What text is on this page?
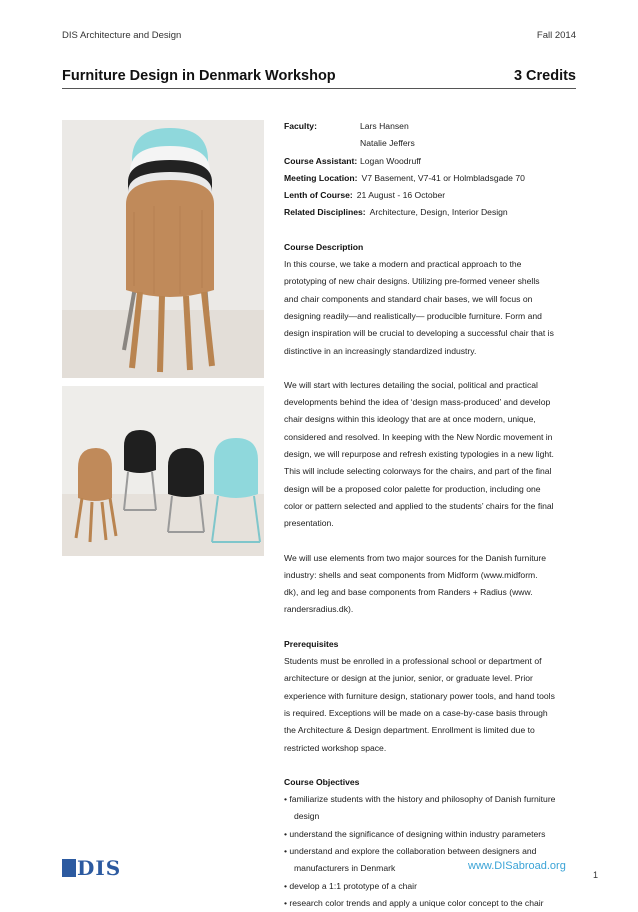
DIS Architecture and Design	Fall 2014
Furniture Design in Denmark Workshop	3 Credits
Faculty:	Lars Hansen
Natalie Jeffers
Course Assistant: Logan Woodruff
Meeting Location: V7 Basement, V7-41 or Holmbladsgade 70
Lenth of Course: 21 August - 16 October
Related Disciplines: Architecture, Design, Interior Design
Course Description
In this course, we take a modern and practical approach to the
prototyping of new chair designs. Utilizing pre-formed veneer shells
and chair components and standard chair bases, we will focus on
designing readily—and realistically— producible furniture. Form and
design inspiration will be crucial to developing a successful chair that is
distinctive in an increasingly standardized industry.
We will start with lectures detailing the social, political and practical
developments behind the idea of ‘design mass-produced’ and develop
chair designs within this ideology that are at once modern, unique,
considered and resolved. In keeping with the New Nordic movement in
design, we will repurpose and refresh existing typologies in a new light.
This will include selecting colorways for the chairs, and part of the final
design will be a proposed color palette for production, including one
color or pattern selected and applied to the students’ chairs for the final
presentation.
We will use elements from two major sources for the Danish furniture
industry: shells and seat components from Midform (www.midform.
dk), and leg and base components from Randers + Radius (www.
randersradius.dk).
Prerequisites
Students must be enrolled in a professional school or department of
architecture or design at the junior, senior, or graduate level. Prior
experience with furniture design, stationary power tools, and hand tools
is required. Exceptions will be made on a case-by-case basis through
the Architecture & Design department. Enrollment is limited due to
restricted workshop space.
Course Objectives
• familiarize students with the history and philosophy of Danish furniture
design
• understand the significance of designing within industry parameters
• understand and explore the collaboration between designers and
manufacturers in Denmark
• develop a 1:1 prototype of a chair
• research color trends and apply a unique color concept to the chair
DIS	www.DISabroad.org
1
